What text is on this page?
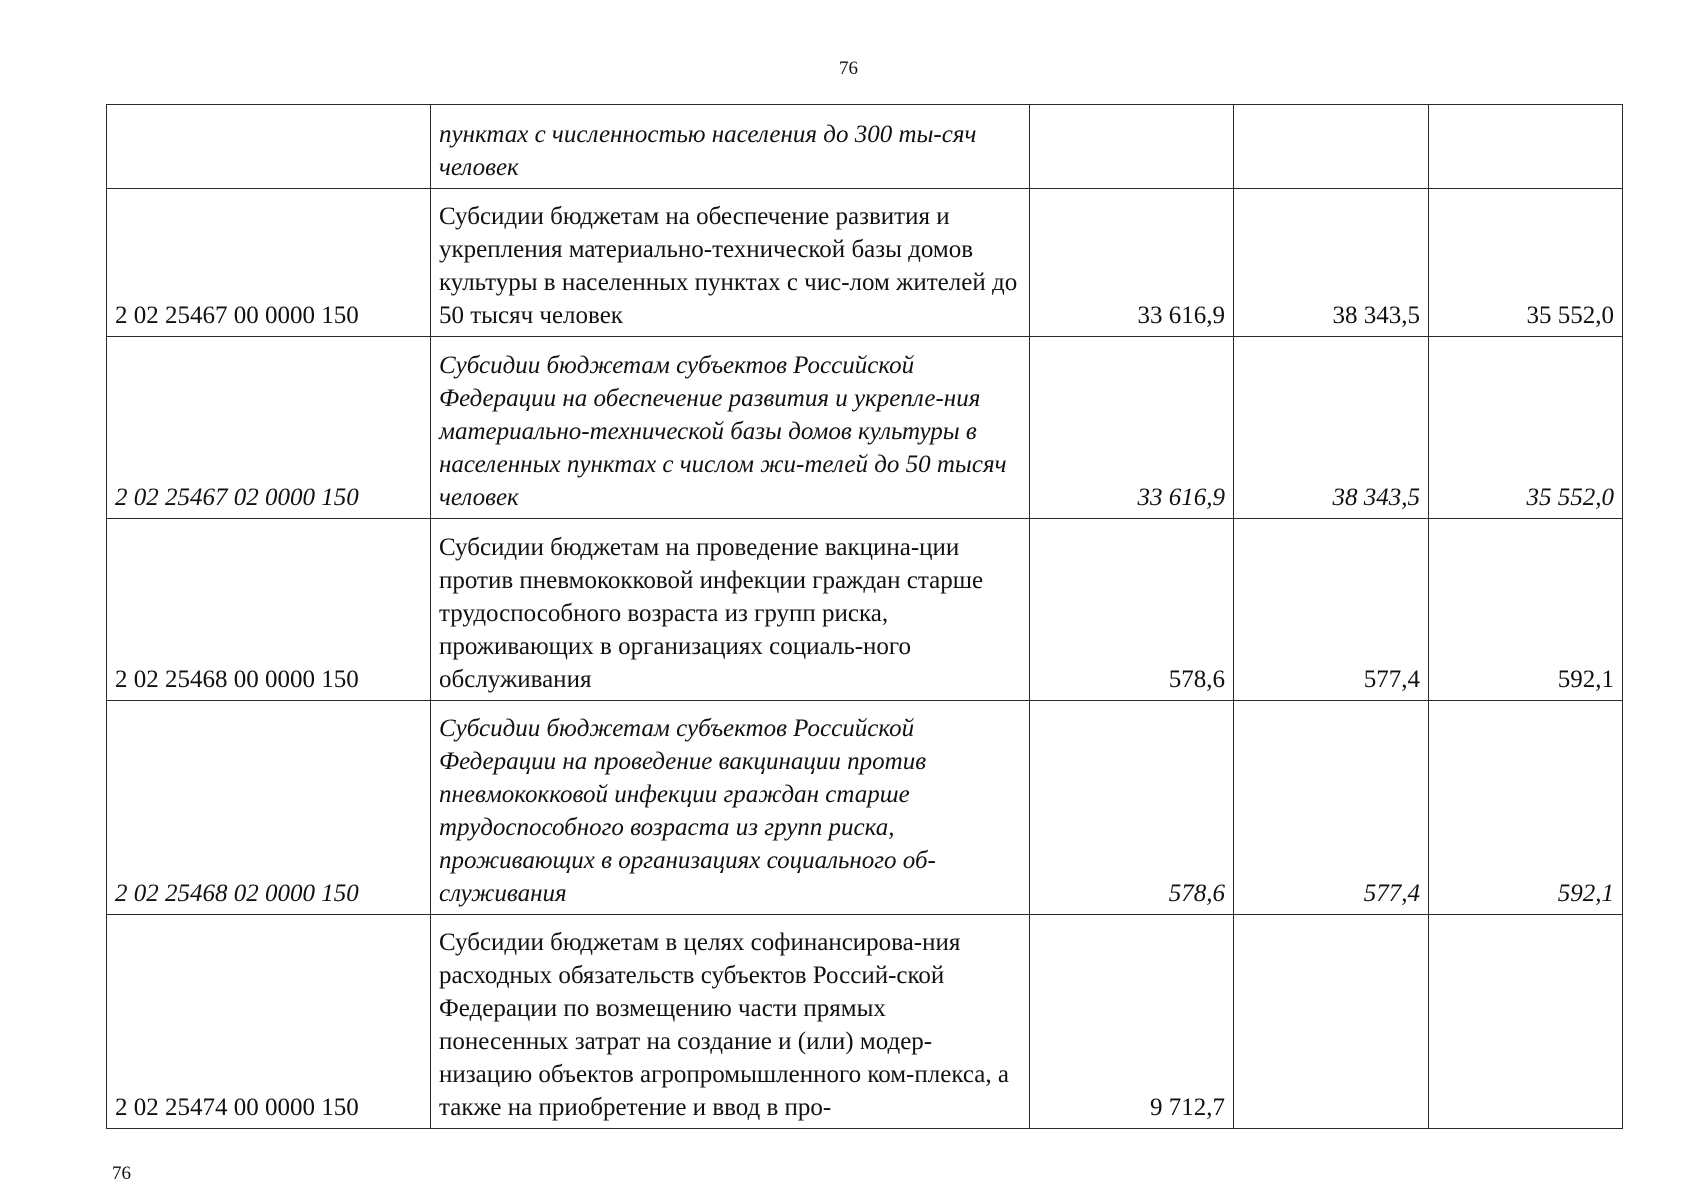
76
	пунктах с численностью населения до 300 ты-сяч человек			
2 02 25467 00 0000 150	Субсидии бюджетам на обеспечение развития и укрепления материально-технической базы домов культуры в населенных пунктах с чис-лом жителей до 50 тысяч человек	33 616,9	38 343,5	35 552,0
2 02 25467 02 0000 150	Субсидии бюджетам субъектов Российской Федерации на обеспечение развития и укрепле-ния материально-технической базы домов культуры в населенных пунктах с числом жи-телей до 50 тысяч человек	33 616,9	38 343,5	35 552,0
2 02 25468 00 0000 150	Субсидии бюджетам на проведение вакцина-ции против пневмококковой инфекции граждан старше трудоспособного возраста из групп риска, проживающих в организациях социаль-ного обслуживания	578,6	577,4	592,1
2 02 25468 02 0000 150	Субсидии бюджетам субъектов Российской Федерации на проведение вакцинации против пневмококковой инфекции граждан старше трудоспособного возраста из групп риска, проживающих в организациях социального об-служивания	578,6	577,4	592,1
2 02 25474 00 0000 150	Субсидии бюджетам в целях софинансирова-ния расходных обязательств субъектов Россий-ской Федерации по возмещению части прямых понесенных затрат на создание и (или) модер-низацию объектов агропромышленного ком-плекса, а также на приобретение и ввод в про-	9 712,7		
76
